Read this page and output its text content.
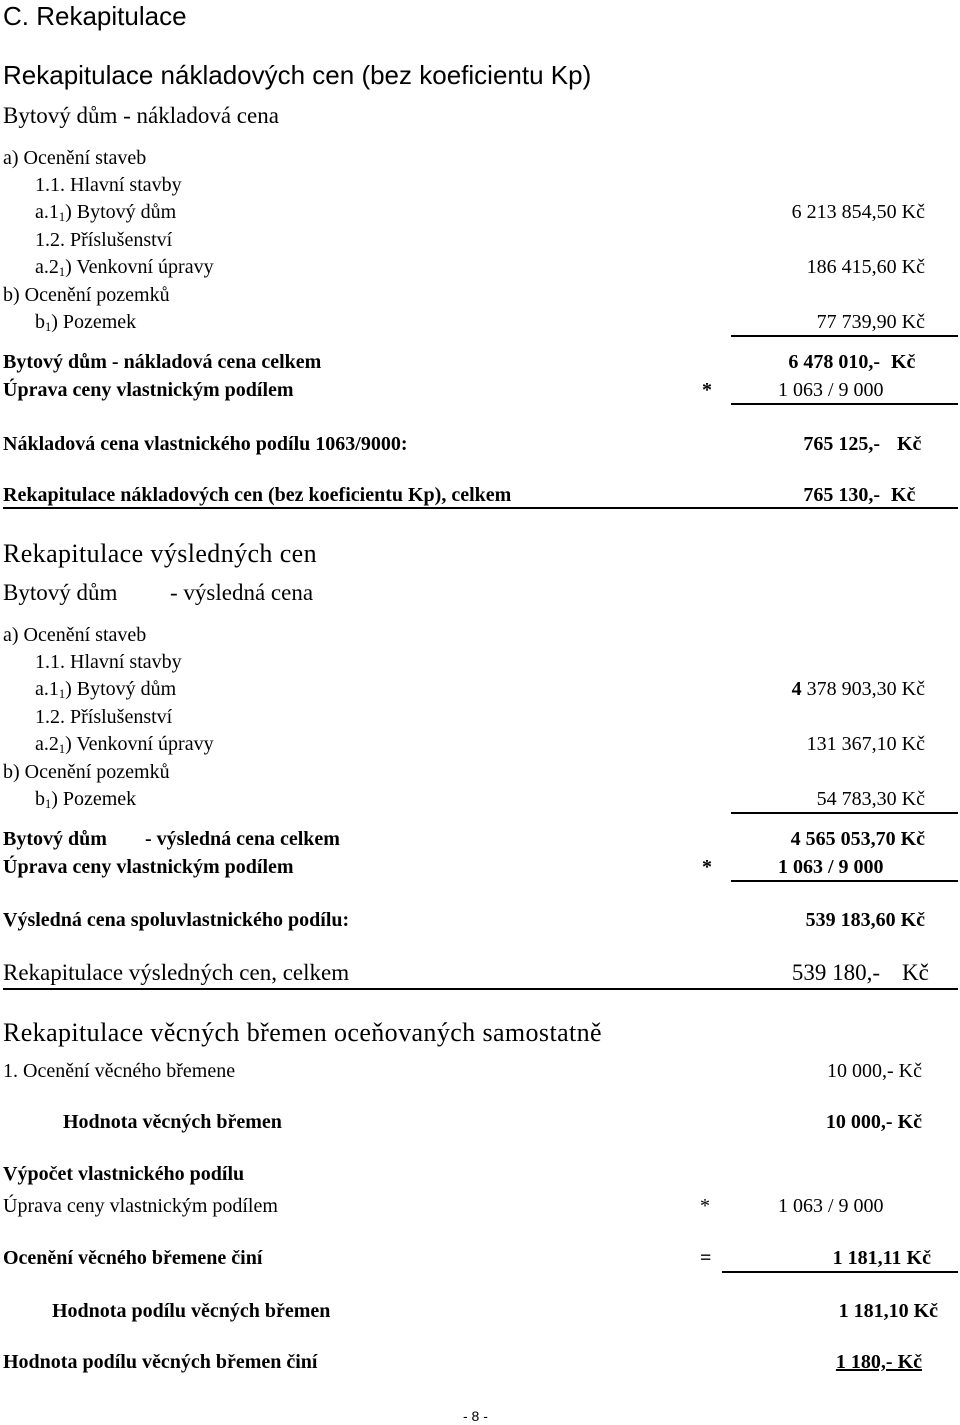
C. Rekapitulace
Rekapitulace nákladových cen (bez koeficientu Kp)
Bytový dům - nákladová cena
a) Ocenění staveb
1.1. Hlavní stavby
$a.1_1$) Bytový dům	6 213 854,50 Kč
1.2. Příslušenství
$a.2_1$) Venkovní úpravy	186 415,60 Kč
b) Ocenění pozemků
$b_1$) Pozemek	77 739,90 Kč
Bytový dům - nákladová cena celkem	6 478 010,- Kč
Úprava ceny vlastnickým podílem	*	1 063 / 9 000
Nákladová cena vlastnického podílu 1063/9000:	765 125,- Kč
Rekapitulace nákladových cen (bez koeficientu Kp), celkem	765 130,- Kč
Rekapitulace výsledných cen
Bytový dům - výsledná cena
a) Ocenění staveb
1.1. Hlavní stavby
$a.1_1$) Bytový dům	4 378 903,30 Kč
1.2. Příslušenství
$a.2_1$) Venkovní úpravy	131 367,10 Kč
b) Ocenění pozemků
$b_1$) Pozemek	54 783,30 Kč
Bytový dům - výsledná cena celkem	4 565 053,70 Kč
Úprava ceny vlastnickým podílem	*	1 063 / 9 000
Výsledná cena spoluvlastnického podílu:	539 183,60 Kč
Rekapitulace výsledných cen, celkem	539 180,- Kč
Rekapitulace věcných břemen oceňovaných samostatně
1. Ocenění věcného břemene	10 000,- Kč
Hodnota věcných břemen	10 000,- Kč
Výpočet vlastnického podílu
Úprava ceny vlastnickým podílem	*	1 063 / 9 000
Ocenění věcného břemene činí	=	1 181,11 Kč
Hodnota podílu věcných břemen	1 181,10 Kč
Hodnota podílu věcných břemen činí	1 180,- Kč
- 8 -
